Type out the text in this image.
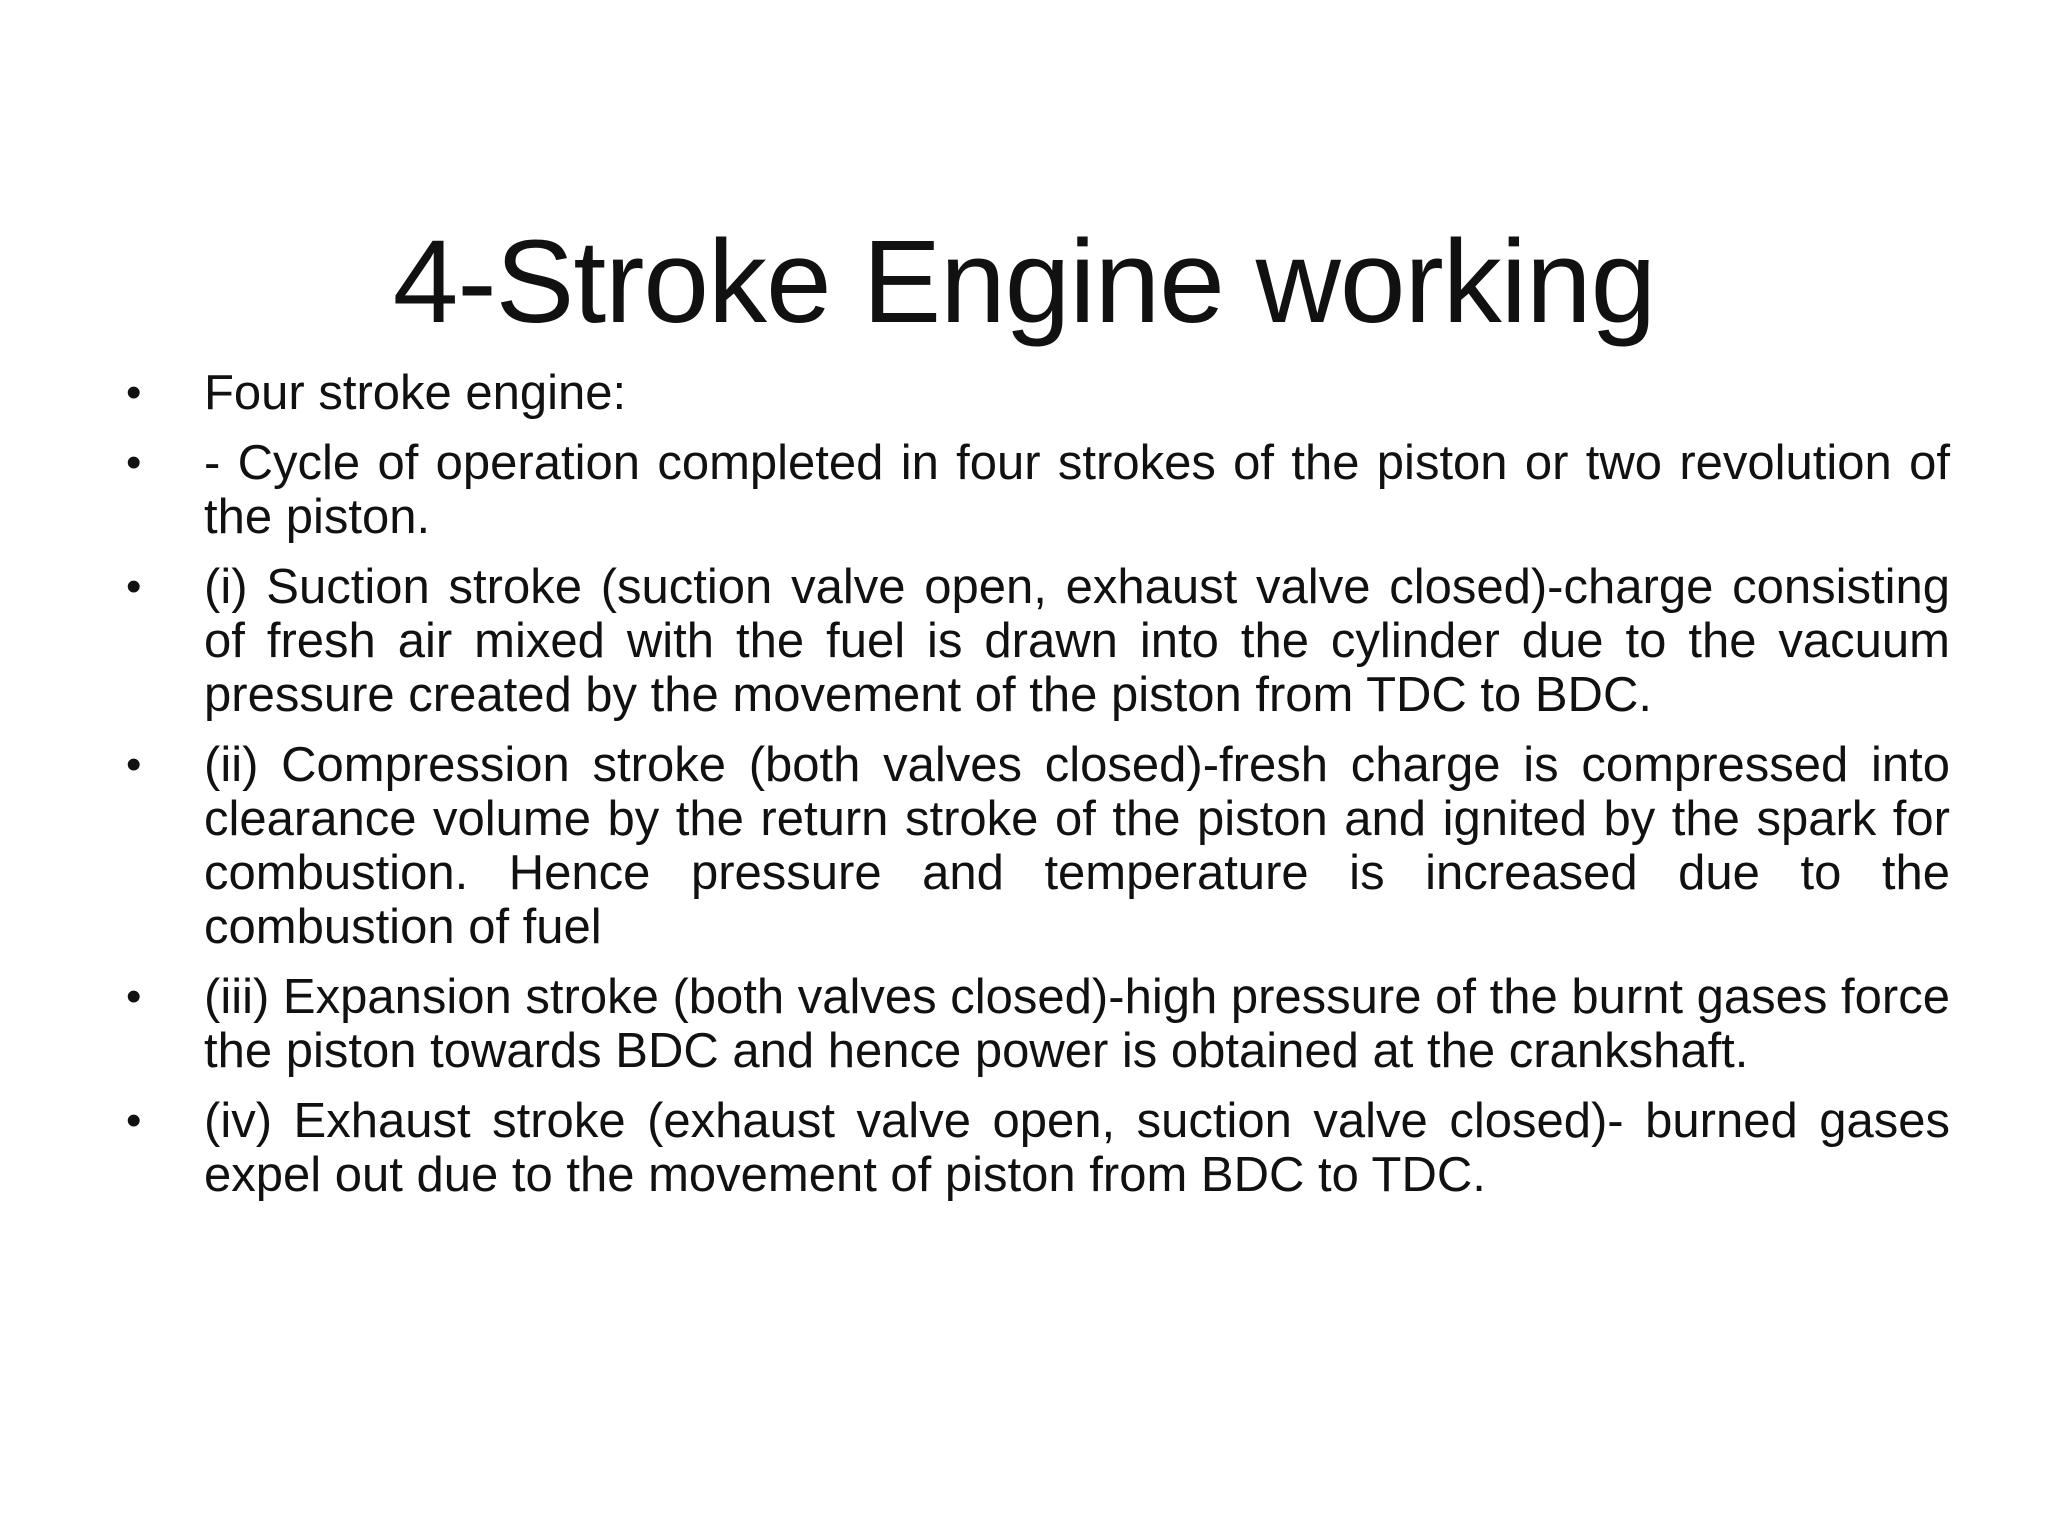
4-Stroke Engine working
•	Four stroke engine:
•	- Cycle of operation completed in four strokes of the piston or two revolution of the piston.
•	(i) Suction stroke (suction valve open, exhaust valve closed)-charge consisting of fresh air mixed with the fuel is drawn into the cylinder due to the vacuum pressure created by the movement of the piston from TDC to BDC.
•	(ii) Compression stroke (both valves closed)-fresh charge is compressed into clearance volume by the return stroke of the piston and ignited by the spark for combustion. Hence pressure and temperature is increased due to the combustion of fuel
•	(iii) Expansion stroke (both valves closed)-high pressure of the burnt gases force the piston towards BDC and hence power is obtained at the crankshaft.
•	(iv) Exhaust stroke (exhaust valve open, suction valve closed)- burned gases expel out due to the movement of piston from BDC to TDC.
